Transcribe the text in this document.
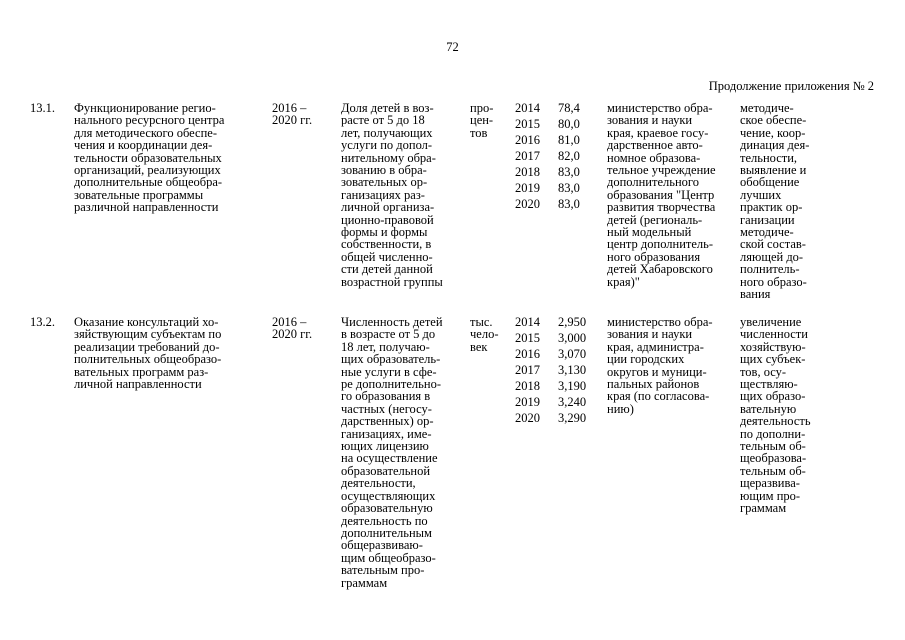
72
Продолжение приложения № 2
13.1. Функционирование регио-
нального ресурсного центра
для методического обеспе-
чения и координации дея-
тельности образовательных
организаций, реализующих
дополнительные общеобра-
зовательные программы
различной направленности
2016 –
2020 гг.
Доля детей в воз-
расте от 5 до 18
лет, получающих
услуги по допол-
нительному обра-
зованию в обра-
зовательных ор-
ганизациях раз-
личной организа-
ционно-правовой
формы и формы
собственности, в
общей численно-
сти детей данной
возрастной группы
про-
цен-
тов
2014
2015
2016
2017
2018
2019
2020
78,4
80,0
81,0
82,0
83,0
83,0
83,0
министерство обра-
зования и науки
края, краевое госу-
дарственное авто-
номное образова-
тельное учреждение
дополнительного
образования "Центр
развития творчества
детей (региональ-
ный модельный
центр дополнитель-
ного образования
детей Хабаровского
края)"
методиче-
ское обеспе-
чение, коор-
динация дея-
тельности,
выявление и
обобщение
лучших
практик ор-
ганизации
методиче-
ской состав-
ляющей до-
полнитель-
ного образо-
вания
13.2. Оказание консультаций хо-
зяйствующим субъектам по
реализации требований до-
полнительных общеобразо-
вательных программ раз-
личной направленности
2016 –
2020 гг.
Численность детей
в возрасте от 5 до
18 лет, получаю-
щих образователь-
ные услуги в сфе-
ре дополнительно-
го образования в
частных (негосу-
дарственных) ор-
ганизациях, име-
ющих лицензию
на осуществление
образовательной
деятельности,
осуществляющих
образовательную
деятельность по
дополнительным
общеразвиваю-
щим общеобразо-
вательным про-
граммам
тыс.
чело-
век
2014
2015
2016
2017
2018
2019
2020
2,950
3,000
3,070
3,130
3,190
3,240
3,290
министерство обра-
зования и науки
края, администра-
ции городских
округов и муници-
пальных районов
края (по согласова-
нию)
увеличение
численности
хозяйствую-
щих субъек-
тов, осу-
ществляю-
щих образо-
вательную
деятельность
по дополни-
тельным об-
щеобразова-
тельным об-
щеразвива-
ющим про-
граммам
